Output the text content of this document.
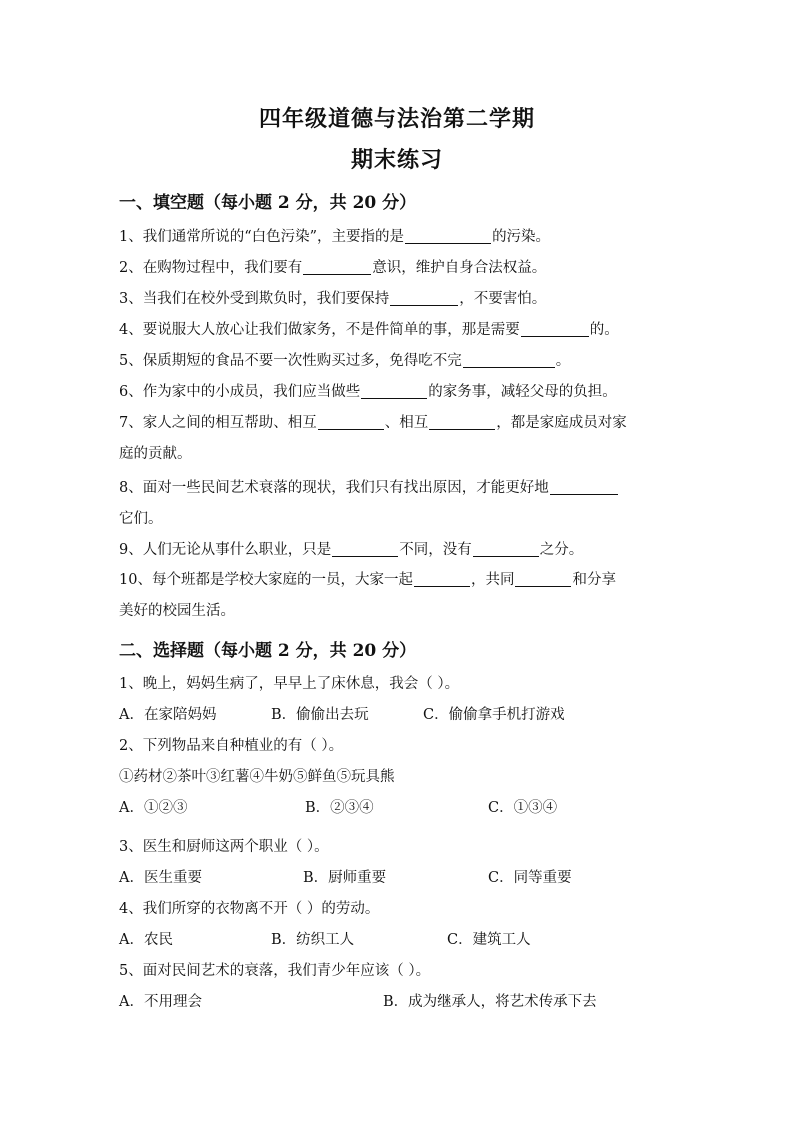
四年级道德与法治第二学期
期末练习
一、填空题（每小题 2 分，共 20 分）
1、我们通常所说的“白色污染”，主要指的是	的污染。
2、在购物过程中，我们要有	意识，维护自身合法权益。
3、当我们在校外受到欺负时，我们要保持	，不要害怕。
4、要说服大人放心让我们做家务，不是件简单的事，那是需要	的。
5、保质期短的食品不要一次性购买过多，免得吃不完	。
6、作为家中的小成员，我们应当做些	的家务事，减轻父母的负担。
7、家人之间的相互帮助、相互	、相互	，都是家庭成员对家
庭的贡献。
8、面对一些民间艺术衰落的现状，我们只有找出原因，才能更好地
它们。
9、人们无论从事什么职业，只是	不同，没有	之分。
10、每个班都是学校大家庭的一员，大家一起	，共同	和分享
美好的校园生活。
二、选择题（每小题 2 分，共 20 分）
1、晚上，妈妈生病了，早早上了床休息，我会（ ）。
A．在家陪妈妈	B．偷偷出去玩	C．偷偷拿手机打游戏
2、下列物品来自种植业的有（ ）。
①药材②茶叶③红薯④牛奶⑤鲜鱼⑤玩具熊
A．①②③	B．②③④	C．①③④
3、医生和厨师这两个职业（ ）。
A．医生重要	B．厨师重要	C．同等重要
4、我们所穿的衣物离不开（ ）的劳动。
A．农民	B．纺织工人	C．建筑工人
5、面对民间艺术的衰落，我们青少年应该（ ）。
A．不用理会	B．成为继承人，将艺术传承下去
